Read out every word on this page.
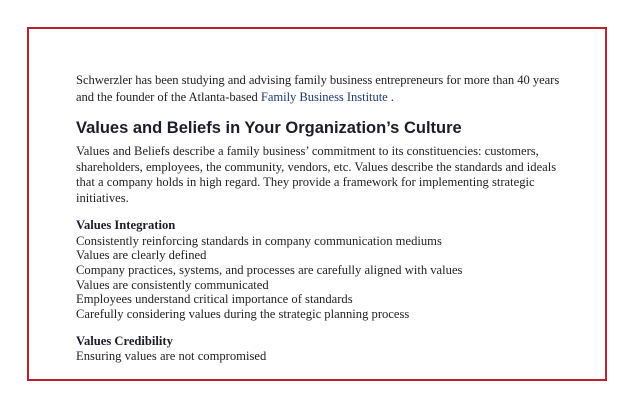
Schwerzler has been studying and advising family business entrepreneurs for more than 40 years and the founder of the Atlanta-based Family Business Institute .

Values and Beliefs in Your Organization’s Culture

Values and Beliefs describe a family business’ commitment to its constituencies: customers, shareholders, employees, the community, vendors, etc. Values describe the standards and ideals that a company holds in high regard. They provide a framework for implementing strategic initiatives.

Values Integration
Consistently reinforcing standards in company communication mediums
Values are clearly defined
Company practices, systems, and processes are carefully aligned with values
Values are consistently communicated
Employees understand critical importance of standards
Carefully considering values during the strategic planning process
Values Credibility
Ensuring values are not compromised
